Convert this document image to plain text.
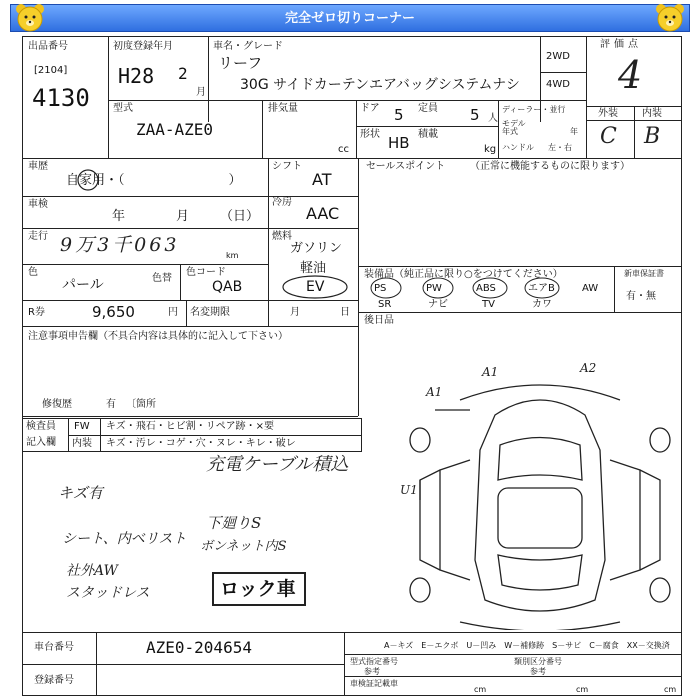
完全ゼロ切りコーナー
出品番号
[2104]
4130
初度登録年月
H28 2
月
車名・グレード
リーフ
30G サイドカーテンエアバッグシステムナシ
2WD
4WD
評価点
4
型式
ZAA-AZE0
排気量
cc
ドア 5 定員 5 人
形状 HB 積載
kg
ディーラー・並行
モデル年式	年
ハンドル 左・右
外装 内装
C B
車歴
自家用・（　　　　　　　　）
シフト
AT
車検
年	月 （日）
冷房
AAC
走行 9万3千063	km
燃料
ガソリン
軽油
EV
色
パール	色替
色コード
QAB
R券	9,650	円 名変期限	月	日
セールスポイント （正常に機能するものに限ります）
装備品（純正品に限り○をつけてください）	新車保証書
有・無
PS	PW	ABS	エアB	AW
SR	ナビ	TV	カワ
後日品
注意事項申告欄（不具合内容は具体的に記入して下さい）
修復歴	有 〔箇所
検査員
記入欄
FW キズ・飛石・ヒビ割・リペア跡・×要
内装 キズ・汚レ・コゲ・穴・ヌレ・キレ・破レ
充電ケーブル積込
キズ有
シート、内ベリスト
社外AW
スタッドレス
下廻りS
ボンネット内S
ロック車
A1
A1	A2
U1
車台番号	AZE0-204654
登録番号
A－キズ　E－エクボ　U－凹み　W－補修跡　S－サビ　C－腐食　XX－交換済
型式指定番号	類別区分番号
参考	参考
車検証記載車
cm	cm	cm
